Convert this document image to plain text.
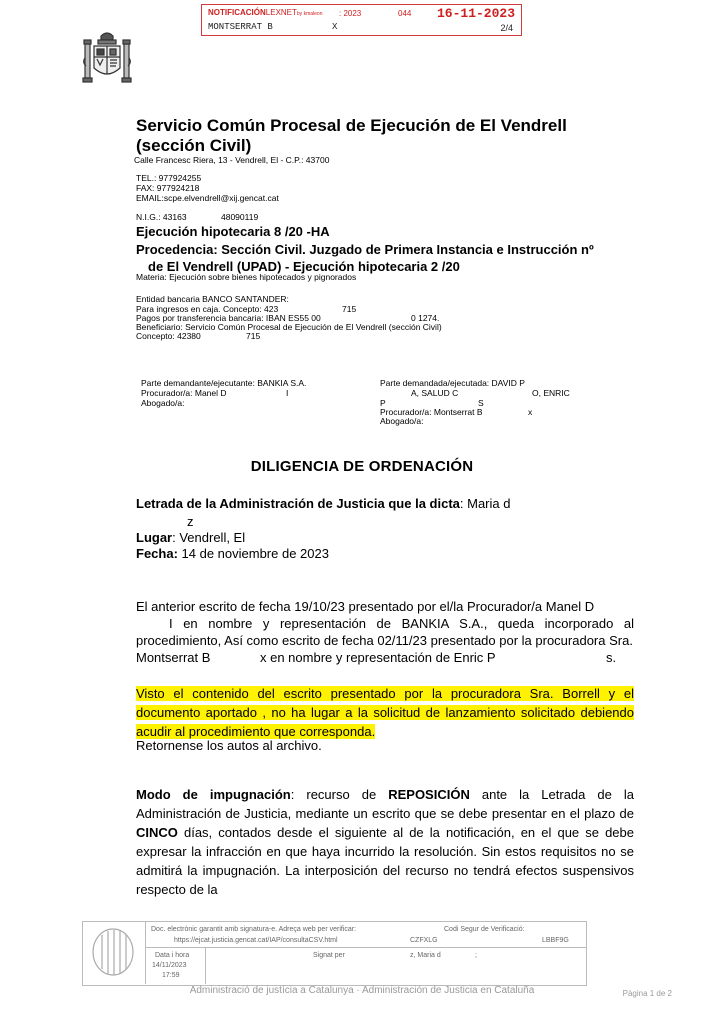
NOTIFICACIÓNLEXNETby kmaleon : 2023	044 16-11-2023
MONTSERRAT B	X	2/4
Servicio Común Procesal de Ejecución de El Vendrell (sección Civil)
Calle Francesc Riera, 13 - Vendrell, El - C.P.: 43700
TEL.: 977924255
FAX: 977924218
EMAIL:scpe.elvendrell@xij.gencat.cat
N.I.G.: 43163	48090119
Ejecución hipotecaria 8 /20 -HA
Procedencia: Sección Civil. Juzgado de Primera Instancia e Instrucción nº
de El Vendrell (UPAD) - Ejecución hipotecaria 2 /20
Materia: Ejecución sobre bienes hipotecados y pignorados
Entidad bancaria BANCO SANTANDER:
Para ingresos en caja. Concepto: 423	715
Pagos por transferencia bancaria: IBAN ES55 00	0 1274.
Beneficiario: Servicio Común Procesal de Ejecución de El Vendrell (sección Civil)
Concepto: 42380	715
Parte demandante/ejecutante: BANKIA S.A.
Procurador/a: Manel D	I
Abogado/a:
Parte demandada/ejecutada: DAVID P
A, SALUD C	O, ENRIC
P	S
Procurador/a: Montserrat B	x
Abogado/a:
DILIGENCIA DE ORDENACIÓN
Letrada de la Administración de Justicia que la dicta: Maria d
z
Lugar: Vendrell, El
Fecha: 14 de noviembre de 2023
El anterior escrito de fecha 19/10/23 presentado por el/la Procurador/a Manel D
I en nombre y representación de BANKIA S.A., queda incorporado al
procedimiento, Así como escrito de fecha 02/11/23 presentado por la procuradora Sra.
Montserrat B	x en nombre y representación de Enric P	s.
Visto el contenido del escrito presentado por la procuradora Sra. Borrell y el documento aportado , no ha lugar a la solicitud de lanzamiento solicitado debiendo acudir al procedimiento que corresponda.
Retornense los autos al archivo.
Modo de impugnación: recurso de REPOSICIÓN ante la Letrada de la Administración de Justicia, mediante un escrito que se debe presentar en el plazo de CINCO días, contados desde el siguiente al de la notificación, en el que se debe expresar la infracción en que haya incurrido la resolución. Sin estos requisitos no se admitirá la impugnación. La interposición del recurso no tendrá efectos suspensivos respecto de la
Doc. electrònic garantit amb signatura-e. Adreça web per verificar:
https://ejcat.justicia.gencat.cat/IAP/consultaCSV.html
Codi Segur de Verificació:
CZFXLG	LBBF9G
Data i hora
14/11/2023
17:59
Signat per	z, Maria d	;
Administració de justícia a Catalunya · Administración de Justicia en Cataluña	Pàgina 1 de 2
